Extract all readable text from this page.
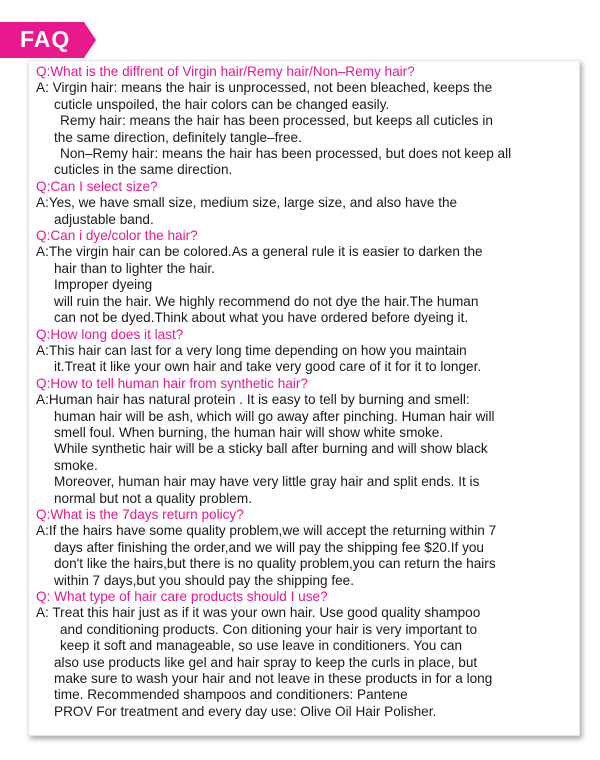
FAQ
Q:What is the diffrent of Virgin hair/Remy hair/Non–Remy hair?
A: Virgin hair: means the hair is unprocessed, not been bleached, keeps the
cuticle unspoiled, the hair colors can be changed easily.
Remy hair: means the hair has been processed, but keeps all cuticles in
the same direction, definitely tangle–free.
Non–Remy hair: means the hair has been processed, but does not keep all
cuticles in the same direction.
Q:Can I select size?
A:Yes, we have small size, medium size, large size, and also have the
adjustable band.
Q:Can i dye/color the hair?
A:The virgin hair can be colored.As a general rule it is easier to darken the
hair than to lighter the hair.
Improper dyeing
will ruin the hair. We highly recommend do not dye the hair.The human
can not be dyed.Think about what you have ordered before dyeing it.
Q:How long does it last?
A:This hair can last for a very long time depending on how you maintain
it.Treat it like your own hair and take very good care of it for it to longer.
Q:How to tell human hair from synthetic hair?
A:Human hair has natural protein . It is easy to tell by burning and smell:
human hair will be ash, which will go away after pinching. Human hair will
smell foul. When burning, the human hair will show white smoke.
While synthetic hair will be a sticky ball after burning and will show black
smoke.
Moreover, human hair may have very little gray hair and split ends. It is
normal but not a quality problem.
Q:What is the 7days return policy?
A:If the hairs have some quality problem,we will accept the returning within 7
days after finishing the order,and we will pay the shipping fee $20.If you
don't like the hairs,but there is no quality problem,you can return the hairs
within 7 days,but you should pay the shipping fee.
Q: What type of hair care products should I use?
A: Treat this hair just as if it was your own hair. Use good quality shampoo
and conditioning products. Con ditioning your hair is very important to
keep it soft and manageable, so use leave in conditioners. You can
also use products like gel and hair spray to keep the curls in place, but
make sure to wash your hair and not leave in these products in for a long
time. Recommended shampoos and conditioners: Pantene
PROV For treatment and every day use: Olive Oil Hair Polisher.
